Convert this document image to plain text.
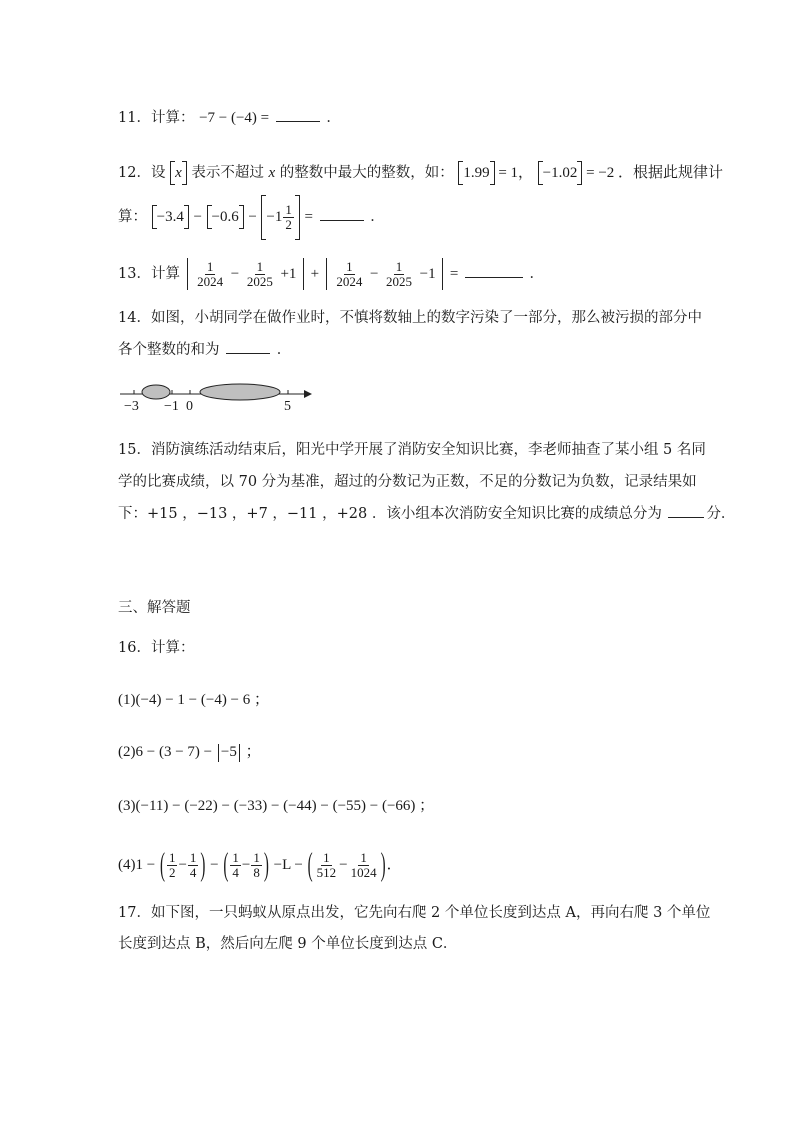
11．计算： −7 − (−4) =	．
12．设 x 表示不超过 x 的整数中最大的整数，如： 1.99 = 1， −1.02 = −2 ．根据此规律计
算： $-3.4 - -0.6 - -1 \frac{1}{2}$ =	．
13．计算 $\frac{1}{2024} - \frac{1}{2025} +1 + \frac{1}{2024} - \frac{1}{2025} -1$ =	．
14．如图，小胡同学在做作业时，不慎将数轴上的数字污染了一部分，那么被污损的部分中
各个整数的和为	．
−3 −1 0	5
15．消防演练活动结束后，阳光中学开展了消防安全知识比赛，李老师抽查了某小组 5 名同
学的比赛成绩，以 70 分为基准，超过的分数记为正数，不足的分数记为负数，记录结果如
下：+15 ，−13 ，+7 ，−11 ，+28 ．该小组本次消防安全知识比赛的成绩总分为	分．
三、解答题
16．计算：
(1)(−4) − 1 − (−4) − 6 ；
(2)6 − (3 − 7) − −5 ；
(3)(−11) − (−22) − (−33) − (−44) − (−55) − (−66) ；
(4)1 − ( $\frac{1}{2} - \frac{1}{4}$ ) − ( $\frac{1}{4} - \frac{1}{8}$ ) −L − ( $\frac{1}{512} - \frac{1}{1024}$ )．
17．如下图，一只蚂蚁从原点出发，它先向右爬 2 个单位长度到达点 A，再向右爬 3 个单位
长度到达点 B，然后向左爬 9 个单位长度到达点 C．
